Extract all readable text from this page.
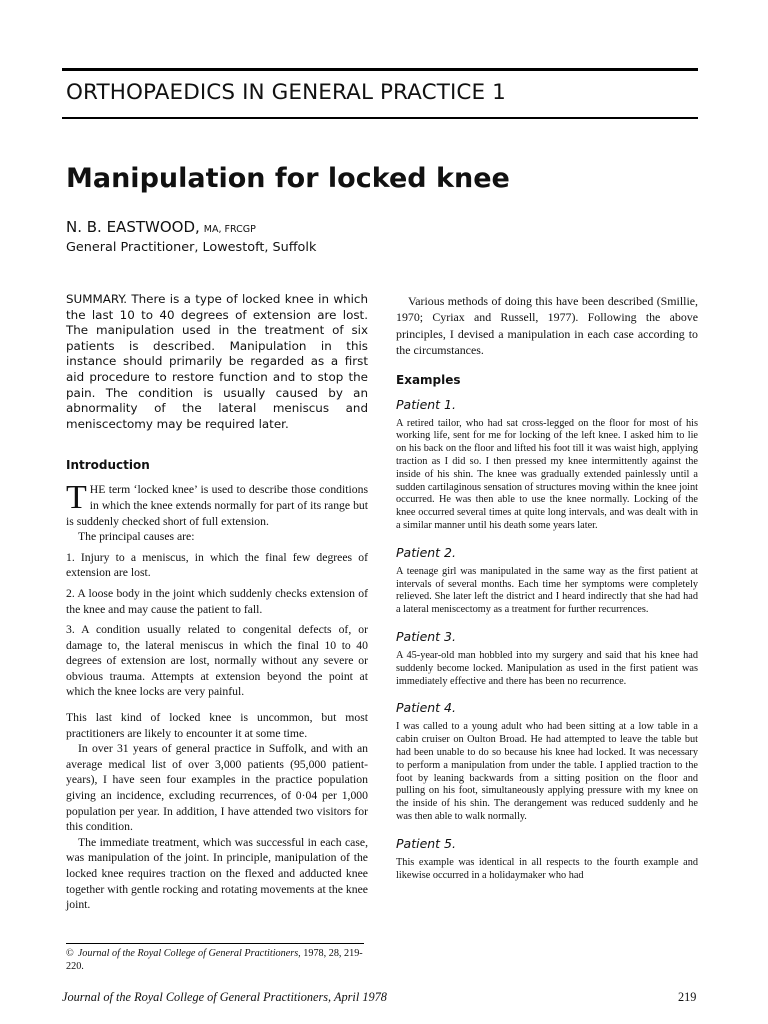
ORTHOPAEDICS IN GENERAL PRACTICE 1
Manipulation for locked knee
N. B. EASTWOOD, MA, FRCGP
General Practitioner, Lowestoft, Suffolk

SUMMARY. There is a type of locked knee in which the last 10 to 40 degrees of extension are lost. The manipulation used in the treatment of six patients is described. Manipulation in this instance should primarily be regarded as a first aid procedure to restore function and to stop the pain. The condition is usually caused by an abnormality of the lateral meniscus and meniscectomy may be required later.

Introduction

THE term ‘locked knee’ is used to describe those conditions in which the knee extends normally for part of its range but is suddenly checked short of full extension.

The principal causes are:

1. Injury to a meniscus, in which the final few degrees of extension are lost.

2. A loose body in the joint which suddenly checks extension of the knee and may cause the patient to fall.

3. A condition usually related to congenital defects of, or damage to, the lateral meniscus in which the final 10 to 40 degrees of extension are lost, normally without any severe or obvious trauma. Attempts at extension beyond the point at which the knee locks are very painful.

This last kind of locked knee is uncommon, but most practitioners are likely to encounter it at some time.

In over 31 years of general practice in Suffolk, and with an average medical list of over 3,000 patients (95,000 patient-years), I have seen four examples in the practice population giving an incidence, excluding recurrences, of 0·04 per 1,000 population per year. In addition, I have attended two visitors for this condition.

The immediate treatment, which was successful in each case, was manipulation of the joint. In principle, manipulation of the locked knee requires traction on the flexed and adducted knee together with gentle rocking and rotating movements at the knee joint.

© Journal of the Royal College of General Practitioners, 1978, 28, 219-220.

Various methods of doing this have been described (Smillie, 1970; Cyriax and Russell, 1977). Following the above principles, I devised a manipulation in each case according to the circumstances.

Examples

Patient 1.

A retired tailor, who had sat cross-legged on the floor for most of his working life, sent for me for locking of the left knee. I asked him to lie on his back on the floor and lifted his foot till it was waist high, applying traction as I did so. I then pressed my knee intermittently against the inside of his shin. The knee was gradually extended painlessly until a sudden cartilaginous sensation of structures moving within the knee joint occurred. He was then able to use the knee normally. Locking of the knee occurred several times at quite long intervals, and was dealt with in a similar manner until his death some years later.

Patient 2.

A teenage girl was manipulated in the same way as the first patient at intervals of several months. Each time her symptoms were completely relieved. She later left the district and I heard indirectly that she had had a lateral meniscectomy as a treatment for further recurrences.

Patient 3.

A 45-year-old man hobbled into my surgery and said that his knee had suddenly become locked. Manipulation as used in the first patient was immediately effective and there has been no recurrence.

Patient 4.

I was called to a young adult who had been sitting at a low table in a cabin cruiser on Oulton Broad. He had attempted to leave the table but had been unable to do so because his knee had locked. It was necessary to perform a manipulation from under the table. I applied traction to the foot by leaning backwards from a sitting position on the floor and pulling on his foot, simultaneously applying pressure with my knee on the inside of his shin. The derangement was reduced suddenly and he was then able to walk normally.

Patient 5.

This example was identical in all respects to the fourth example and likewise occurred in a holidaymaker who had

Journal of the Royal College of General Practitioners, April 1978	219
